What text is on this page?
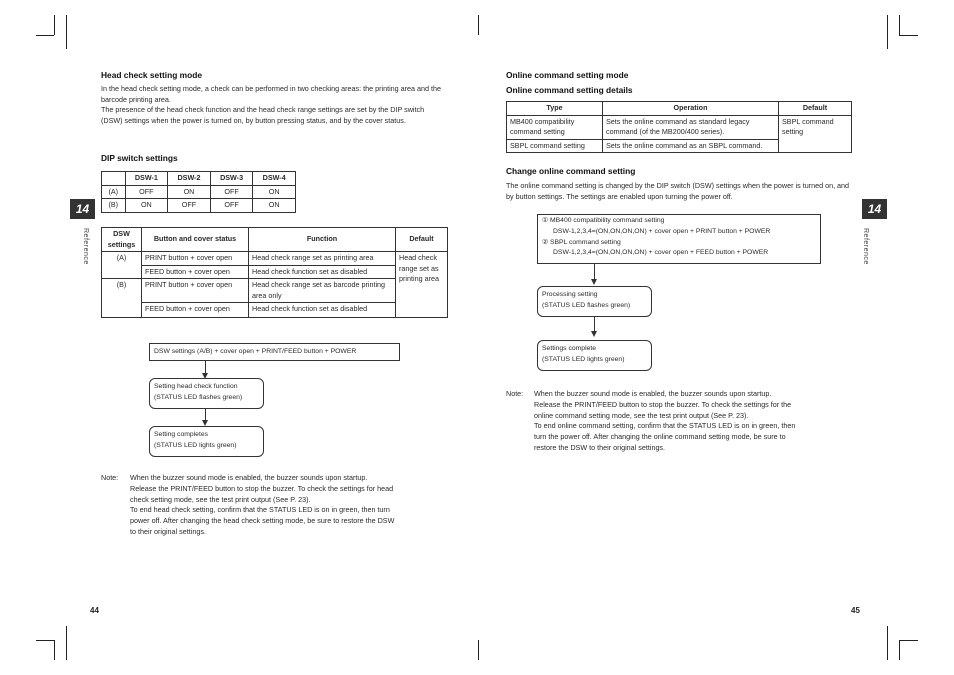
14
Reference
14
Reference
Head check setting mode
In the head check setting mode, a check can be performed in two checking areas: the printing area and the barcode printing area.
The presence of the head check function and the head check range settings are set by the DIP switch (DSW) settings when the power is turned on, by button pressing status, and by the cover status.
DIP switch settings
	DSW-1	DSW-2	DSW-3	DSW-4
(A)	OFF	ON	OFF	ON
(B)	ON	OFF	OFF	ON
DSW settings	Button and cover status	Function	Default
(A)	PRINT button + cover open	Head check range set as printing area	Head check range set as printing area
	FEED button + cover open	Head check function set as disabled	
(B)	PRINT button + cover open	Head check range set as barcode printing area only	
	FEED button + cover open	Head check function set as disabled	
DSW settings (A/B) + cover open + PRINT/FEED button + POWER
Setting head check function
(STATUS LED flashes green)
Setting completes
(STATUS LED lights green)
Note: When the buzzer sound mode is enabled, the buzzer sounds upon startup.
Release the PRINT/FEED button to stop the buzzer. To check the settings for head
check setting mode, see the test print output (See P. 23).
To end head check setting, confirm that the STATUS LED is on in green, then turn
power off. After changing the head check setting mode, be sure to restore the DSW
to their original settings.
44
Online command setting mode
Online command setting details
Type	Operation	Default
MB400 compatibility command setting	Sets the online command as standard legacy command (of the MB200/400 series).	SBPL command setting
SBPL command setting	Sets the online command as an SBPL command.	
Change online command setting
The online command setting is changed by the DIP switch (DSW) settings when the power is turned on, and by button settings. The settings are enabled upon turning the power off.
① MB400 compatibility command setting
DSW-1,2,3,4=(ON,ON,ON,ON) + cover open + PRINT button + POWER
② SBPL command setting
DSW-1,2,3,4=(ON,ON,ON,ON) + cover open + FEED button + POWER
Processing setting
(STATUS LED flashes green)
Settings complete
(STATUS LED lights green)
Note: When the buzzer sound mode is enabled, the buzzer sounds upon startup.
Release the PRINT/FEED button to stop the buzzer. To check the settings for the
online command setting mode, see the test print output (See P. 23).
To end online command setting, confirm that the STATUS LED is on in green, then
turn the power off. After changing the online command setting mode, be sure to
restore the DSW to their original settings.
45
